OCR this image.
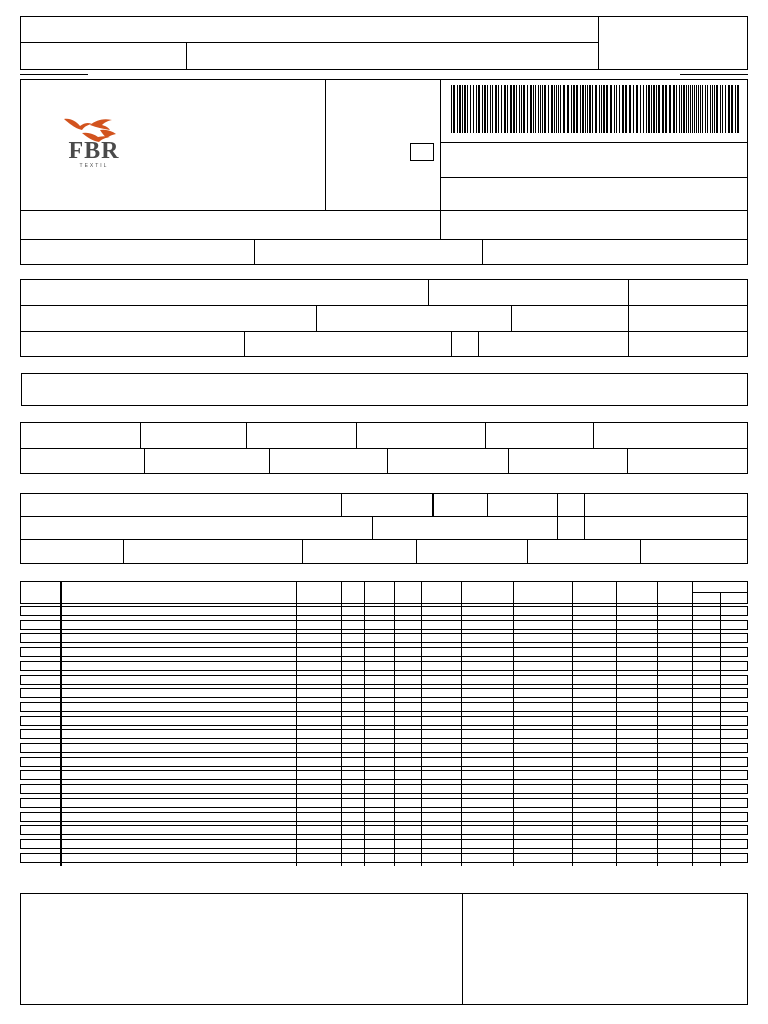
FBR
TEXTIL
